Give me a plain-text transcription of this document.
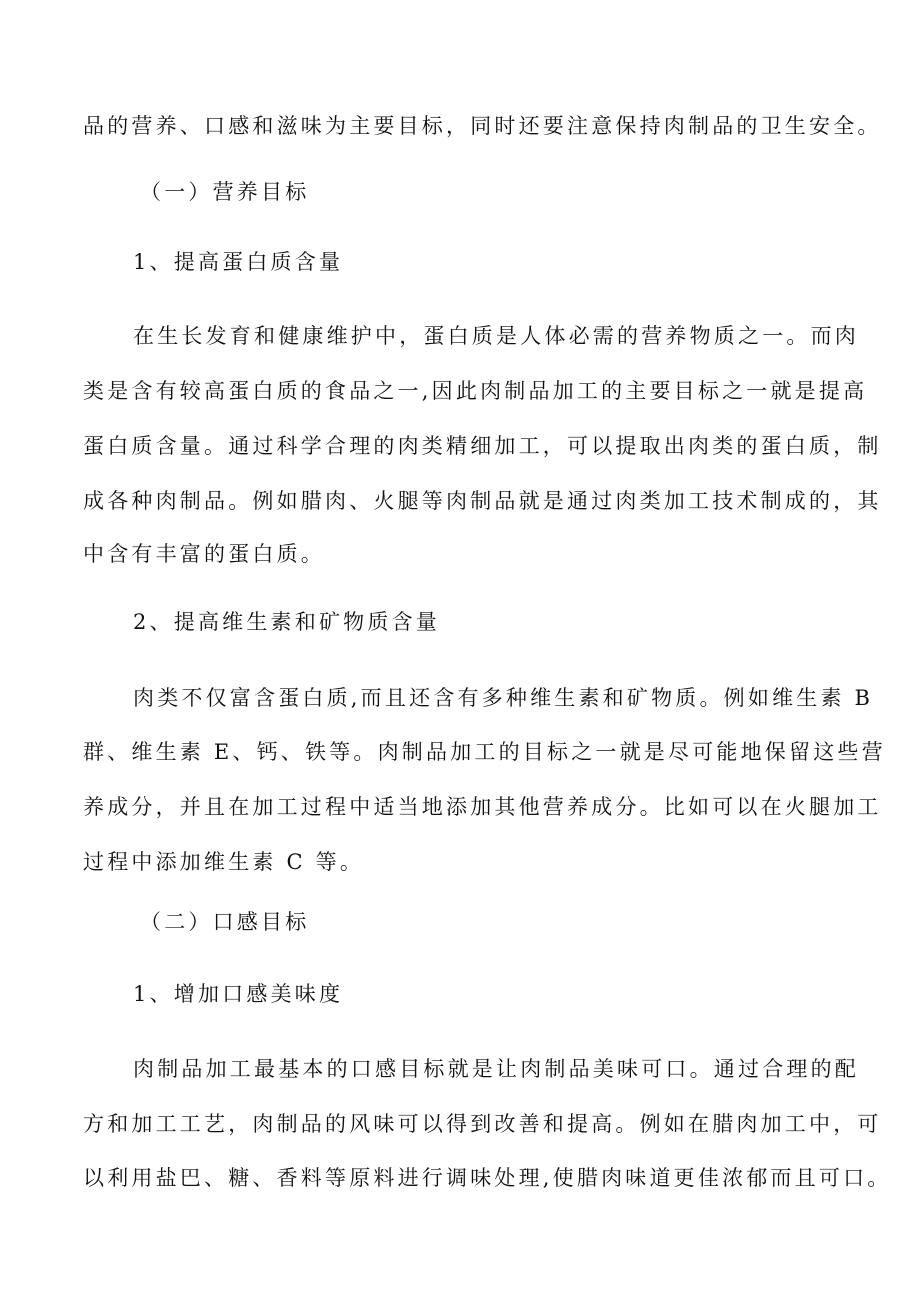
品的营养、口感和滋味为主要目标，同时还要注意保持肉制品的卫生安全。
（一）营养目标
1、提高蛋白质含量
在生长发育和健康维护中，蛋白质是人体必需的营养物质之一。而肉
类是含有较高蛋白质的食品之一,因此肉制品加工的主要目标之一就是提高
蛋白质含量。通过科学合理的肉类精细加工，可以提取出肉类的蛋白质，制
成各种肉制品。例如腊肉、火腿等肉制品就是通过肉类加工技术制成的，其
中含有丰富的蛋白质。
2、提高维生素和矿物质含量
肉类不仅富含蛋白质,而且还含有多种维生素和矿物质。例如维生素 B
群、维生素 E、钙、铁等。肉制品加工的目标之一就是尽可能地保留这些营
养成分，并且在加工过程中适当地添加其他营养成分。比如可以在火腿加工
过程中添加维生素 C 等。
（二）口感目标
1、增加口感美味度
肉制品加工最基本的口感目标就是让肉制品美味可口。通过合理的配
方和加工工艺，肉制品的风味可以得到改善和提高。例如在腊肉加工中，可
以利用盐巴、糖、香料等原料进行调味处理,使腊肉味道更佳浓郁而且可口。
